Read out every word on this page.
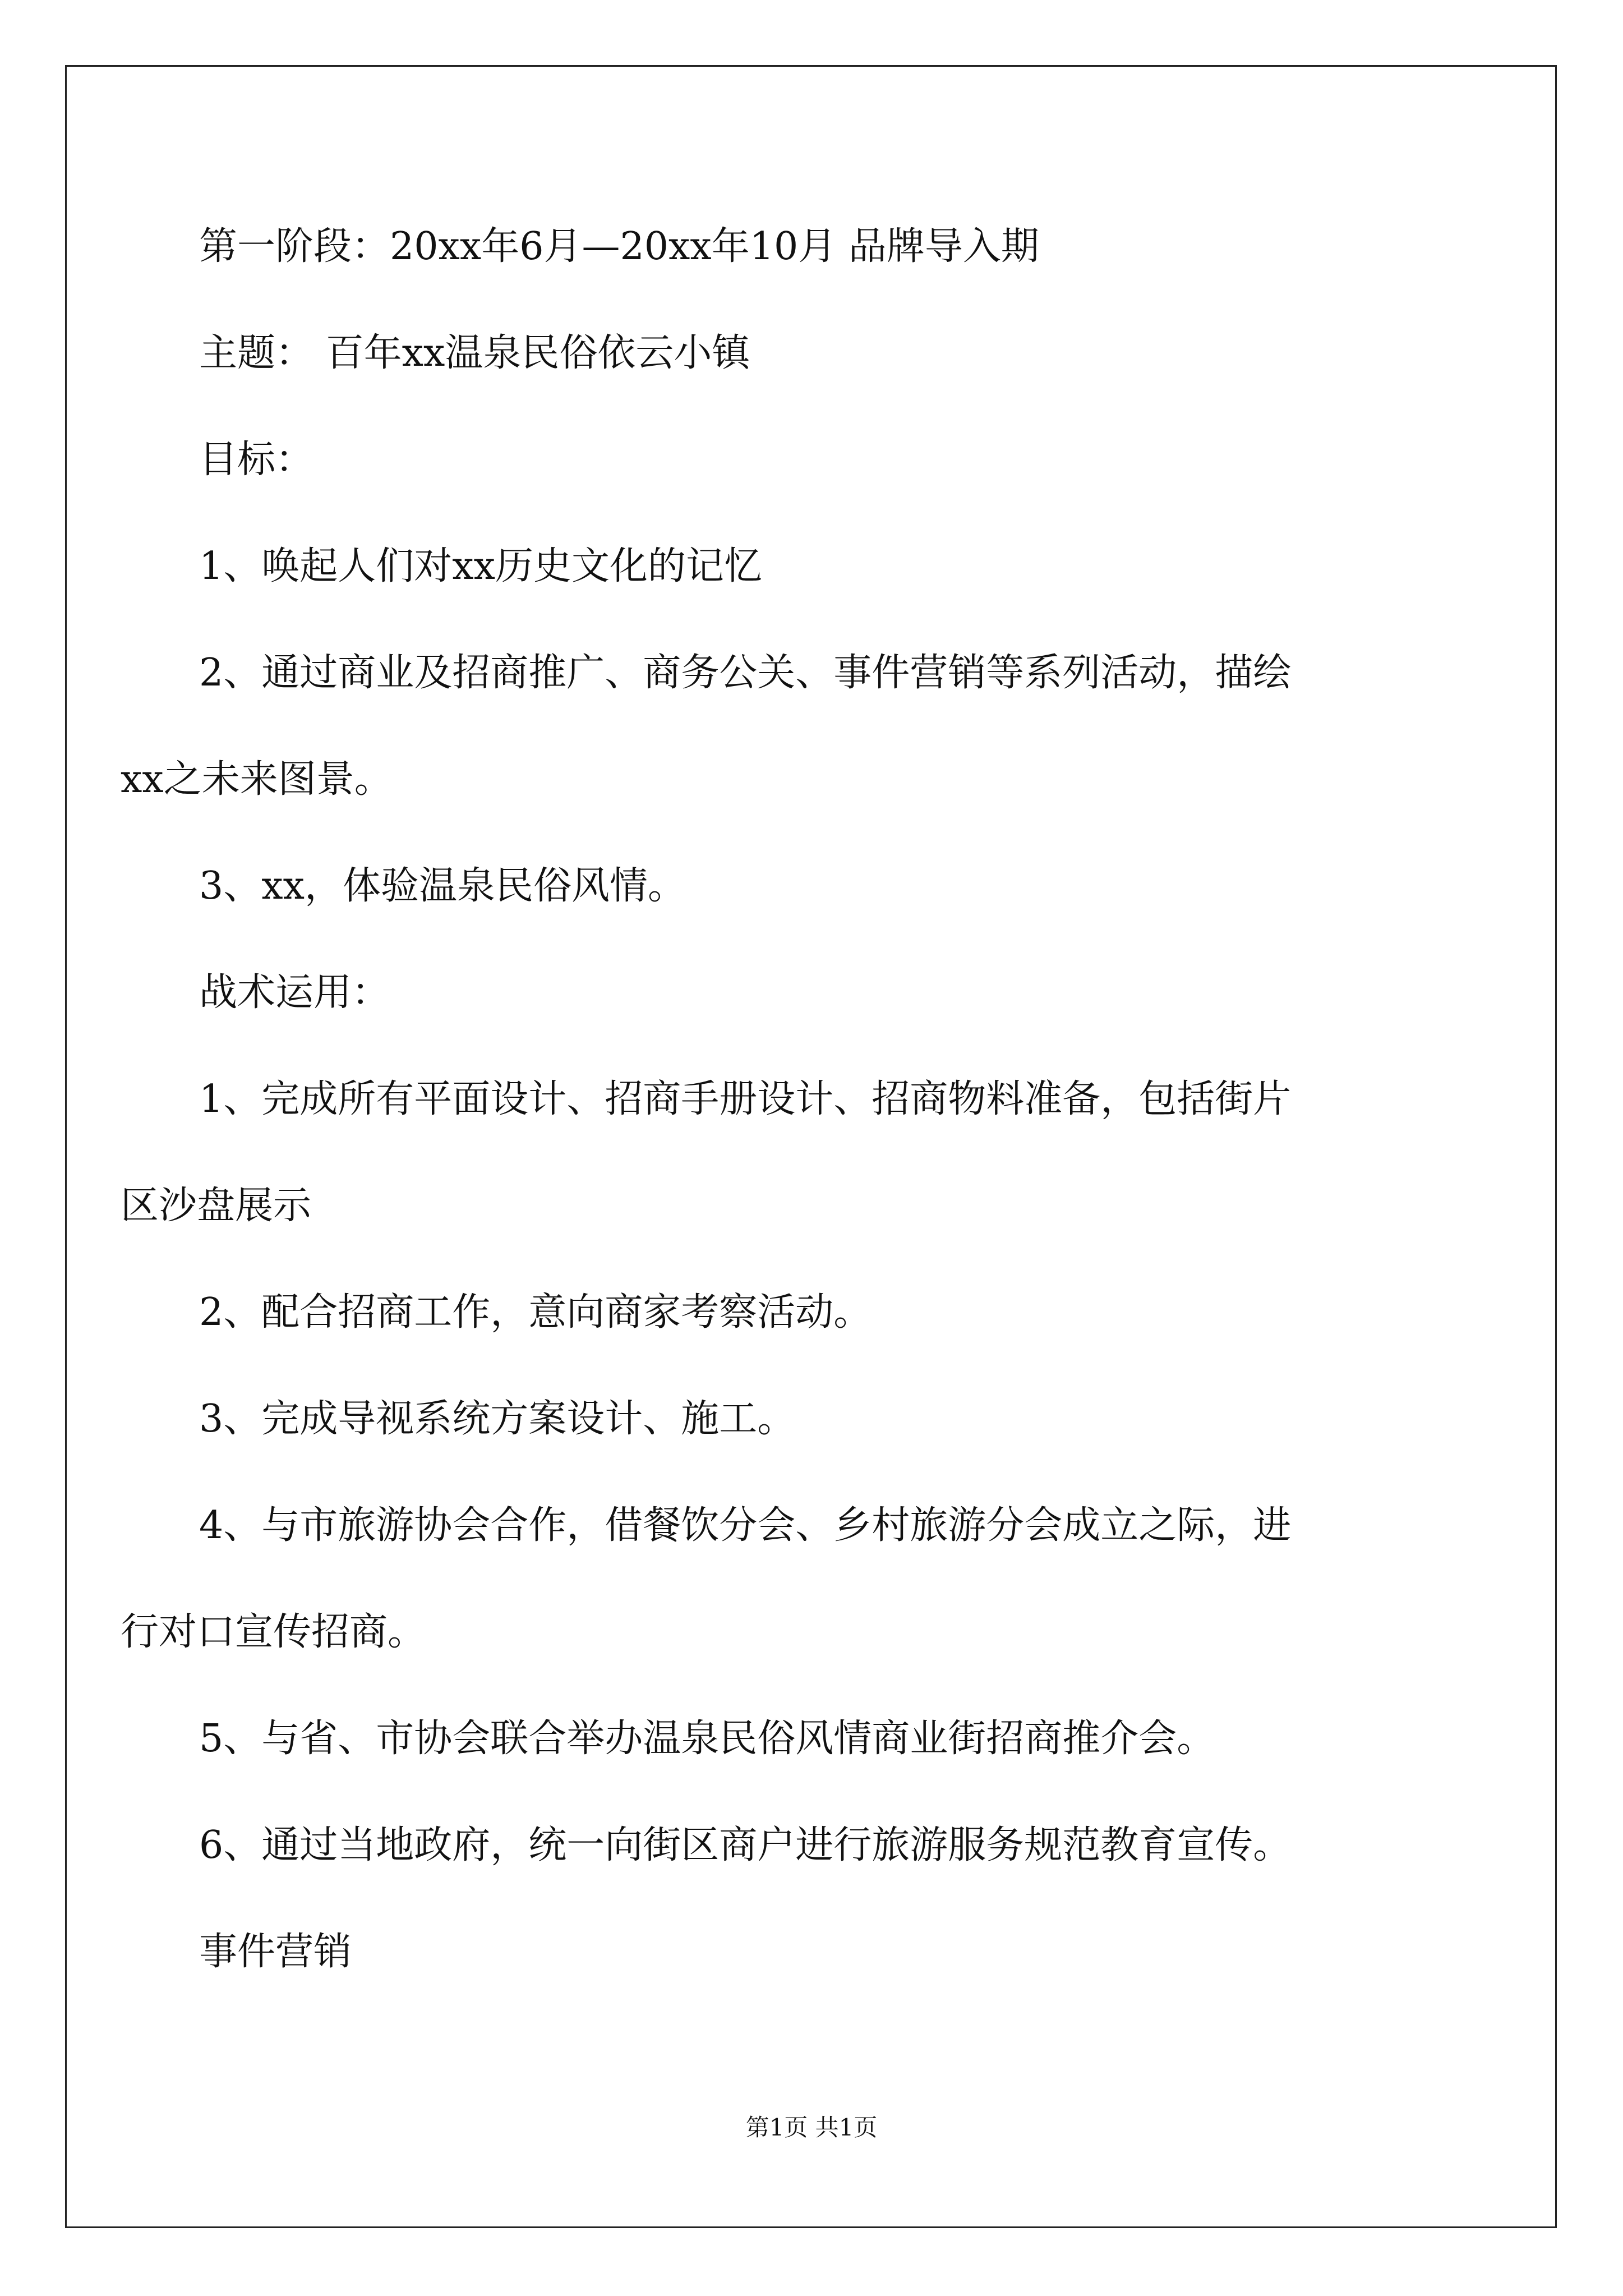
第一阶段：20xx年6月—20xx年10月 品牌导入期

主题： 百年xx温泉民俗依云小镇

目标：

1、唤起人们对xx历史文化的记忆

2、通过商业及招商推广、商务公关、事件营销等系列活动，描绘

xx之未来图景。

3、xx，体验温泉民俗风情。

战术运用：

1、完成所有平面设计、招商手册设计、招商物料准备，包括街片

区沙盘展示

2、配合招商工作，意向商家考察活动。

3、完成导视系统方案设计、施工。

4、与市旅游协会合作，借餐饮分会、乡村旅游分会成立之际，进

行对口宣传招商。

5、与省、市协会联合举办温泉民俗风情商业街招商推介会。

6、通过当地政府，统一向街区商户进行旅游服务规范教育宣传。

事件营销

第1页 共1页
